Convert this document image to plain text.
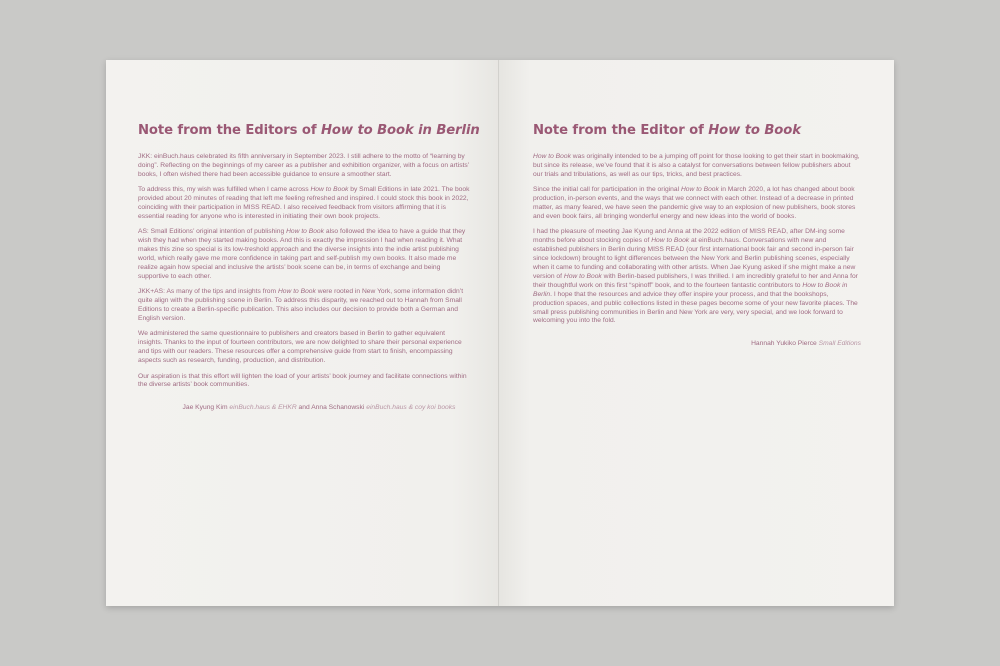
Note from the Editors of How to Book in Berlin

JKK: einBuch.haus celebrated its fifth anniversary in September 2023. I still adhere to the motto of “learning by doing”. Reflecting on the beginnings of my career as a publisher and exhibition organizer, with a focus on artists’ books, I often wished there had been accessible guidance to ensure a smoother start.

To address this, my wish was fulfilled when I came across How to Book by Small Editions in late 2021. The book provided about 20 minutes of reading that left me feeling refreshed and inspired. I could stock this book in 2022, coinciding with their participation in MISS READ. I also received feedback from visitors affirming that it is essential reading for anyone who is interested in initiating their own book projects.

AS: Small Editions’ original intention of publishing How to Book also followed the idea to have a guide that they wish they had when they started making books. And this is exactly the impression I had when reading it. What makes this zine so special is its low-treshold approach and the diverse insights into the indie artist publishing world, which really gave me more confidence in taking part and self-publish my own books. It also made me realize again how special and inclusive the artists’ book scene can be, in terms of exchange and being supportive to each other.

JKK+AS: As many of the tips and insights from How to Book were rooted in New York, some information didn’t quite align with the publishing scene in Berlin. To address this disparity, we reached out to Hannah from Small Editions to create a Berlin-specific publication. This also includes our decision to provide both a German and English version.

We administered the same questionnaire to publishers and creators based in Berlin to gather equivalent insights. Thanks to the input of fourteen contributors, we are now delighted to share their personal experience and tips with our readers. These resources offer a comprehensive guide from start to finish, encompassing aspects such as research, funding, production, and distribution.

Our aspiration is that this effort will lighten the load of your artists’ book journey and facilitate connections within the diverse artists’ book communities.

Jae Kyung Kim einBuch.haus & EHKR and Anna Schanowski einBuch.haus & coy koi books

Note from the Editor of How to Book

How to Book was originally intended to be a jumping off point for those looking to get their start in bookmaking, but since its release, we’ve found that it is also a catalyst for conversations between fellow publishers about our trials and tribulations, as well as our tips, tricks, and best practices.

Since the initial call for participation in the original How to Book in March 2020, a lot has changed about book production, in-person events, and the ways that we connect with each other. Instead of a decrease in printed matter, as many feared, we have seen the pandemic give way to an explosion of new publishers, book stores and even book fairs, all bringing wonderful energy and new ideas into the world of books.

I had the pleasure of meeting Jae Kyung and Anna at the 2022 edition of MISS READ, after DM-ing some months before about stocking copies of How to Book at einBuch.haus. Conversations with new and established publishers in Berlin during MISS READ (our first international book fair and second in-person fair since lockdown) brought to light differences between the New York and Berlin publishing scenes, especially when it came to funding and collaborating with other artists. When Jae Kyung asked if she might make a new version of How to Book with Berlin-based publishers, I was thrilled. I am incredibly grateful to her and Anna for their thoughtful work on this first “spinoff” book, and to the fourteen fantastic contributors to How to Book in Berlin. I hope that the resources and advice they offer inspire your process, and that the bookshops, production spaces, and public collections listed in these pages become some of your new favorite places. The small press publishing communities in Berlin and New York are very, very special, and we look forward to welcoming you into the fold.

Hannah Yukiko Pierce Small Editions
